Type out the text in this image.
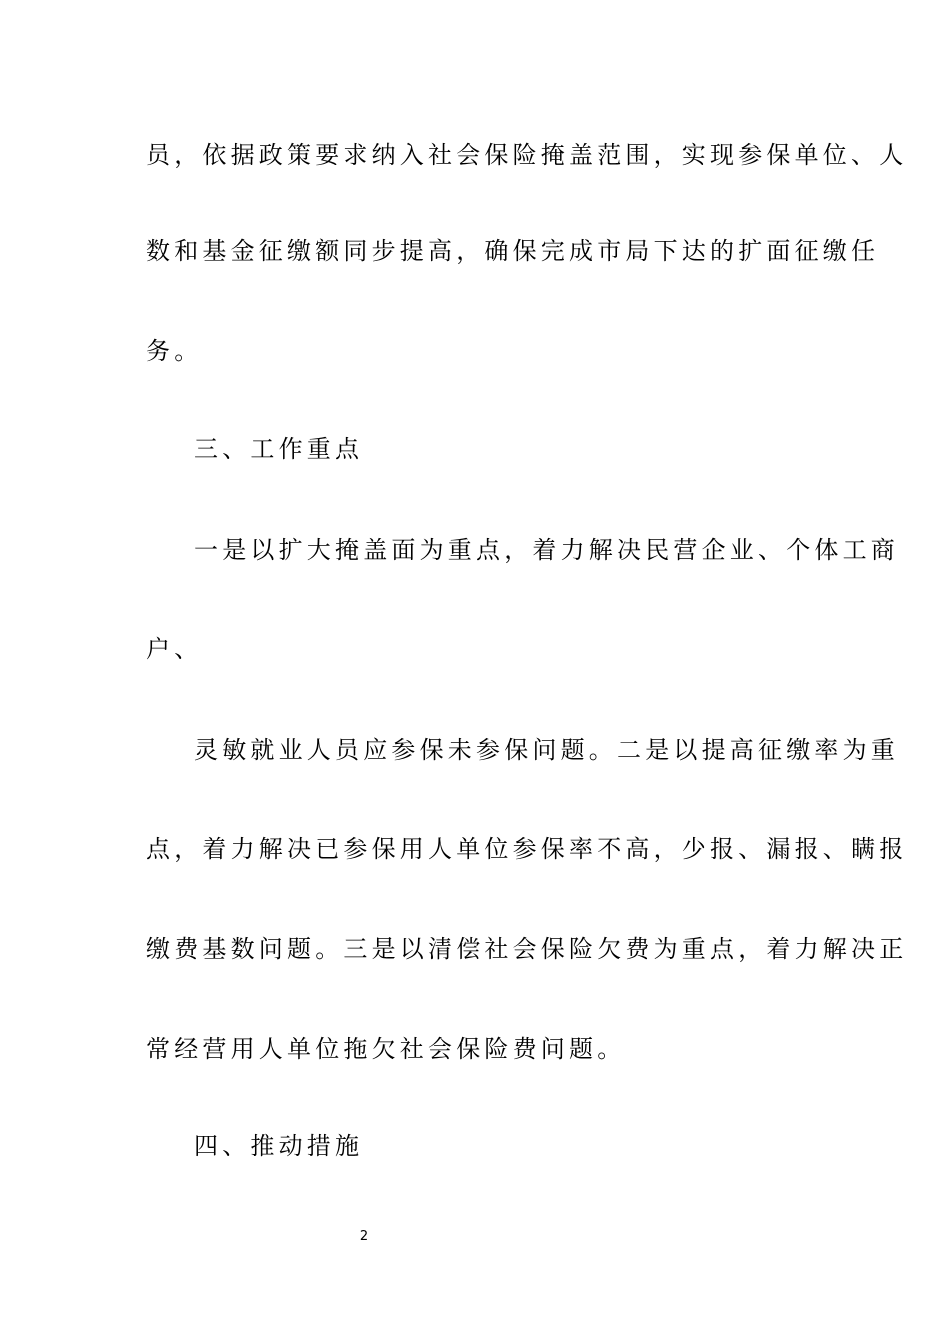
员，依据政策要求纳入社会保险掩盖范围，实现参保单位、人
数和基金征缴额同步提高，确保完成市局下达的扩面征缴任
务。
三、工作重点
一是以扩大掩盖面为重点，着力解决民营企业、个体工商
户、
灵敏就业人员应参保未参保问题。二是以提高征缴率为重
点，着力解决已参保用人单位参保率不高，少报、漏报、瞒报
缴费基数问题。三是以清偿社会保险欠费为重点，着力解决正
常经营用人单位拖欠社会保险费问题。
四、推动措施
2
